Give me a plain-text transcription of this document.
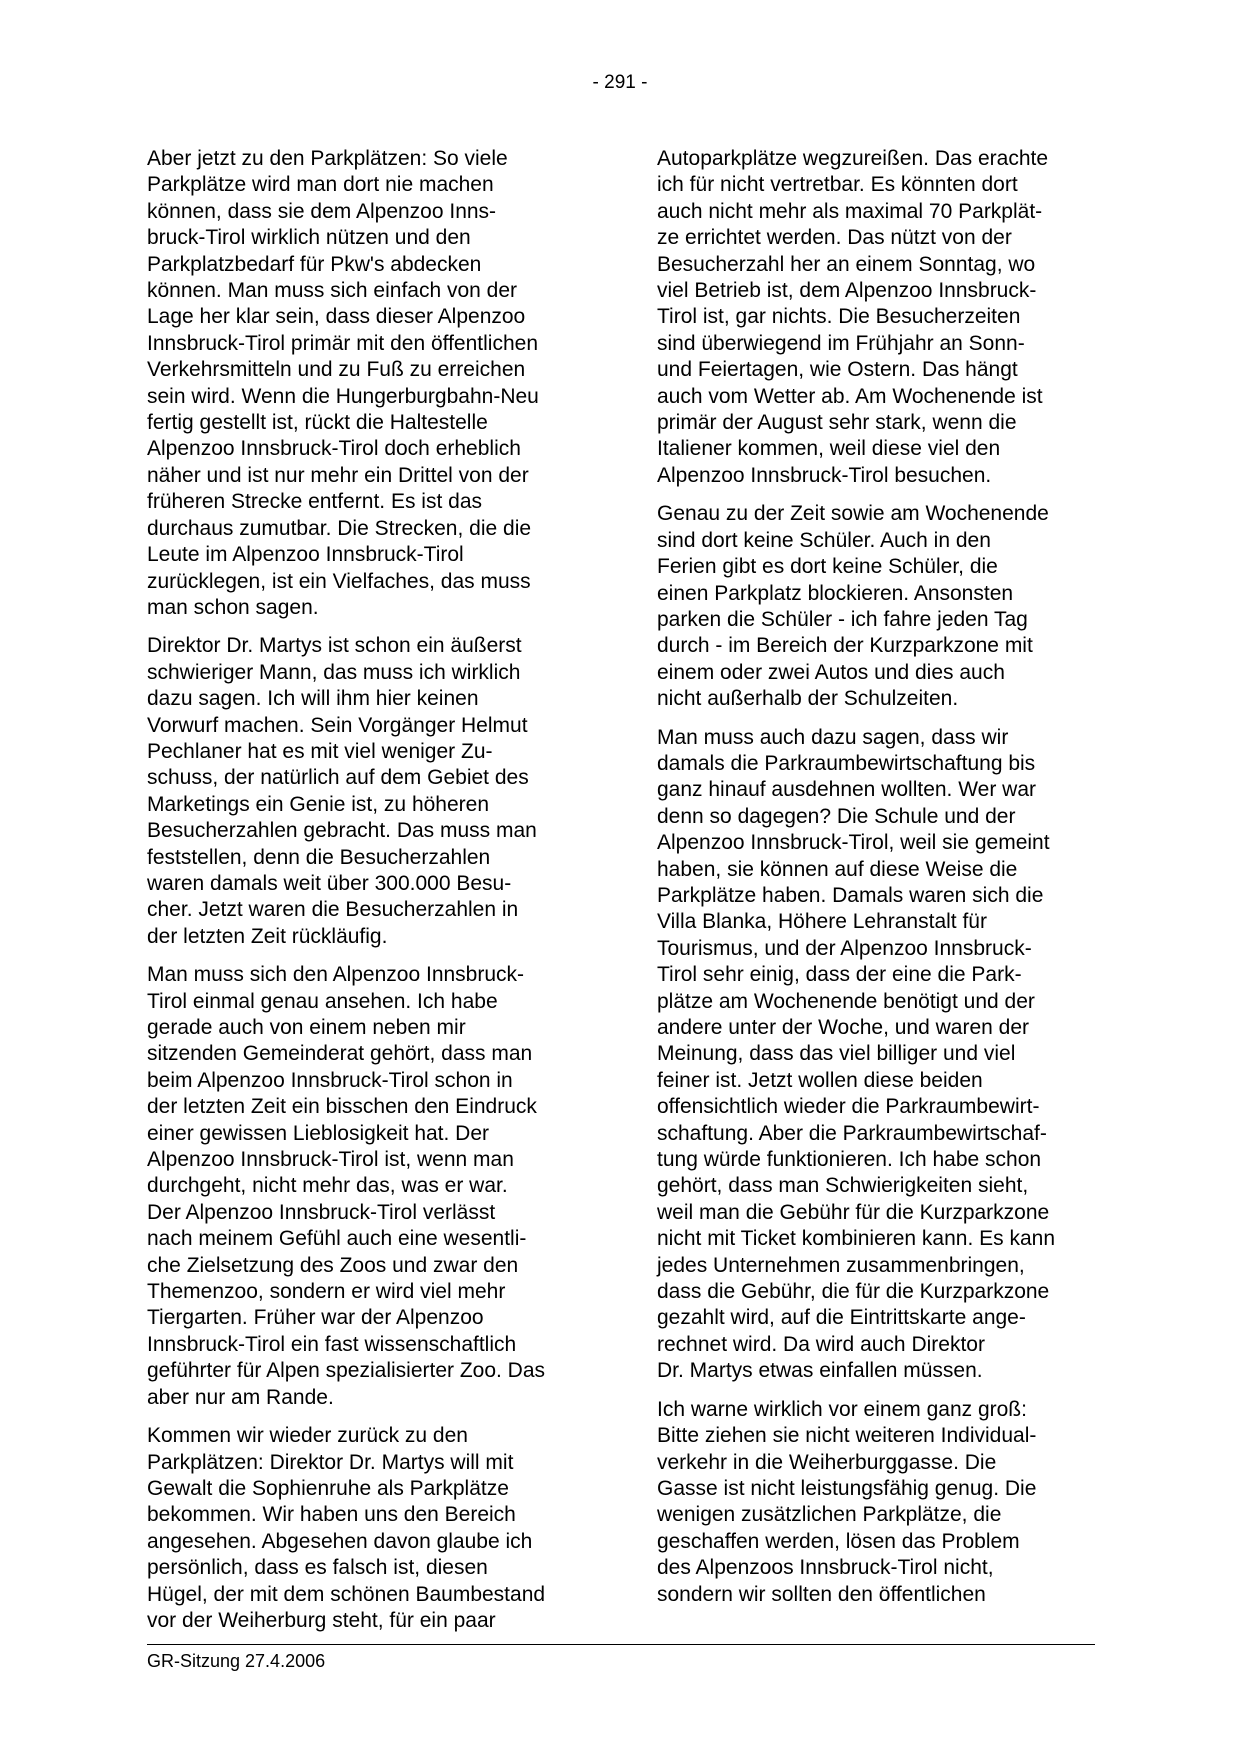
- 291 -

Aber jetzt zu den Parkplätzen: So viele
Parkplätze wird man dort nie machen
können, dass sie dem Alpenzoo Inns-
bruck-Tirol wirklich nützen und den
Parkplatzbedarf für Pkw's abdecken
können. Man muss sich einfach von der
Lage her klar sein, dass dieser Alpenzoo
Innsbruck-Tirol primär mit den öffentlichen
Verkehrsmitteln und zu Fuß zu erreichen
sein wird. Wenn die Hungerburgbahn-Neu
fertig gestellt ist, rückt die Haltestelle
Alpenzoo Innsbruck-Tirol doch erheblich
näher und ist nur mehr ein Drittel von der
früheren Strecke entfernt. Es ist das
durchaus zumutbar. Die Strecken, die die
Leute im Alpenzoo Innsbruck-Tirol
zurücklegen, ist ein Vielfaches, das muss
man schon sagen.

Direktor Dr. Martys ist schon ein äußerst
schwieriger Mann, das muss ich wirklich
dazu sagen. Ich will ihm hier keinen
Vorwurf machen. Sein Vorgänger Helmut
Pechlaner hat es mit viel weniger Zu-
schuss, der natürlich auf dem Gebiet des
Marketings ein Genie ist, zu höheren
Besucherzahlen gebracht. Das muss man
feststellen, denn die Besucherzahlen
waren damals weit über 300.000 Besu-
cher. Jetzt waren die Besucherzahlen in
der letzten Zeit rückläufig.

Man muss sich den Alpenzoo Innsbruck-
Tirol einmal genau ansehen. Ich habe
gerade auch von einem neben mir
sitzenden Gemeinderat gehört, dass man
beim Alpenzoo Innsbruck-Tirol schon in
der letzten Zeit ein bisschen den Eindruck
einer gewissen Lieblosigkeit hat. Der
Alpenzoo Innsbruck-Tirol ist, wenn man
durchgeht, nicht mehr das, was er war.
Der Alpenzoo Innsbruck-Tirol verlässt
nach meinem Gefühl auch eine wesentli-
che Zielsetzung des Zoos und zwar den
Themenzoo, sondern er wird viel mehr
Tiergarten. Früher war der Alpenzoo
Innsbruck-Tirol ein fast wissenschaftlich
geführter für Alpen spezialisierter Zoo. Das
aber nur am Rande.

Kommen wir wieder zurück zu den
Parkplätzen: Direktor Dr. Martys will mit
Gewalt die Sophienruhe als Parkplätze
bekommen. Wir haben uns den Bereich
angesehen. Abgesehen davon glaube ich
persönlich, dass es falsch ist, diesen
Hügel, der mit dem schönen Baumbestand
vor der Weiherburg steht, für ein paar

Autoparkplätze wegzureißen. Das erachte
ich für nicht vertretbar. Es könnten dort
auch nicht mehr als maximal 70 Parkplät-
ze errichtet werden. Das nützt von der
Besucherzahl her an einem Sonntag, wo
viel Betrieb ist, dem Alpenzoo Innsbruck-
Tirol ist, gar nichts. Die Besucherzeiten
sind überwiegend im Frühjahr an Sonn-
und Feiertagen, wie Ostern. Das hängt
auch vom Wetter ab. Am Wochenende ist
primär der August sehr stark, wenn die
Italiener kommen, weil diese viel den
Alpenzoo Innsbruck-Tirol besuchen.

Genau zu der Zeit sowie am Wochenende
sind dort keine Schüler. Auch in den
Ferien gibt es dort keine Schüler, die
einen Parkplatz blockieren. Ansonsten
parken die Schüler - ich fahre jeden Tag
durch - im Bereich der Kurzparkzone mit
einem oder zwei Autos und dies auch
nicht außerhalb der Schulzeiten.

Man muss auch dazu sagen, dass wir
damals die Parkraumbewirtschaftung bis
ganz hinauf ausdehnen wollten. Wer war
denn so dagegen? Die Schule und der
Alpenzoo Innsbruck-Tirol, weil sie gemeint
haben, sie können auf diese Weise die
Parkplätze haben. Damals waren sich die
Villa Blanka, Höhere Lehranstalt für
Tourismus, und der Alpenzoo Innsbruck-
Tirol sehr einig, dass der eine die Park-
plätze am Wochenende benötigt und der
andere unter der Woche, und waren der
Meinung, dass das viel billiger und viel
feiner ist. Jetzt wollen diese beiden
offensichtlich wieder die Parkraumbewirt-
schaftung. Aber die Parkraumbewirtschaf-
tung würde funktionieren. Ich habe schon
gehört, dass man Schwierigkeiten sieht,
weil man die Gebühr für die Kurzparkzone
nicht mit Ticket kombinieren kann. Es kann
jedes Unternehmen zusammenbringen,
dass die Gebühr, die für die Kurzparkzone
gezahlt wird, auf die Eintrittskarte ange-
rechnet wird. Da wird auch Direktor
Dr. Martys etwas einfallen müssen.

Ich warne wirklich vor einem ganz groß:
Bitte ziehen sie nicht weiteren Individual-
verkehr in die Weiherburggasse. Die
Gasse ist nicht leistungsfähig genug. Die
wenigen zusätzlichen Parkplätze, die
geschaffen werden, lösen das Problem
des Alpenzoos Innsbruck-Tirol nicht,
sondern wir sollten den öffentlichen

GR-Sitzung 27.4.2006
